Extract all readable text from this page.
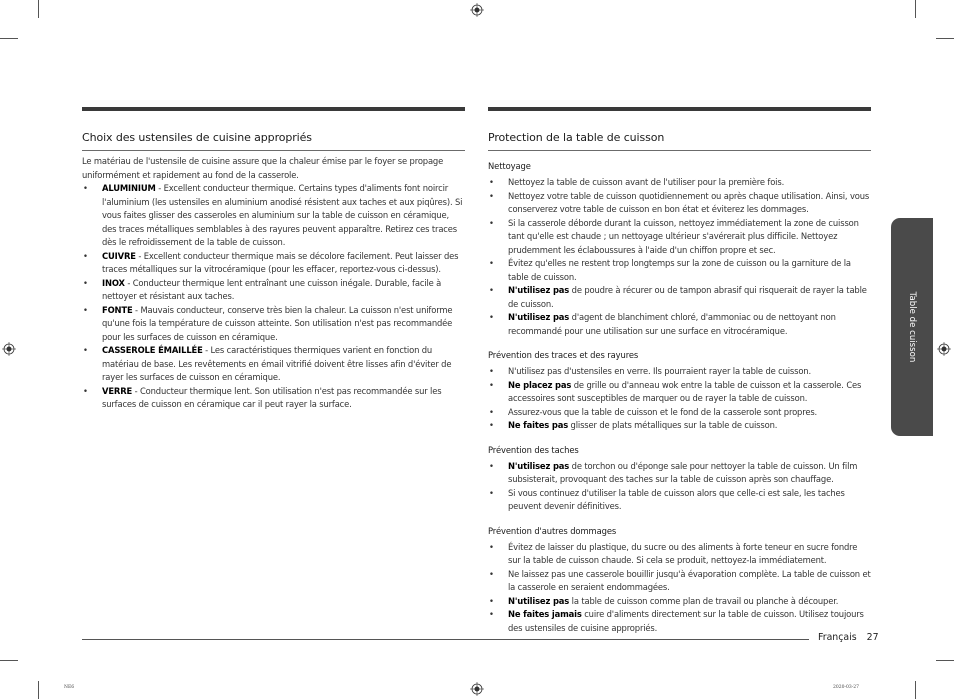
Choix des ustensiles de cuisine appropriés

Le matériau de l'ustensile de cuisine assure que la chaleur émise par le foyer se propage uniformément et rapidement au fond de la casserole.

• ALUMINIUM - Excellent conducteur thermique. Certains types d'aliments font noircir l'aluminium (les ustensiles en aluminium anodisé résistent aux taches et aux piqûres). Si vous faites glisser des casseroles en aluminium sur la table de cuisson en céramique, des traces métalliques semblables à des rayures peuvent apparaître. Retirez ces traces dès le refroidissement de la table de cuisson.
• CUIVRE - Excellent conducteur thermique mais se décolore facilement. Peut laisser des traces métalliques sur la vitrocéramique (pour les effacer, reportez-vous ci-dessus).
• INOX - Conducteur thermique lent entraînant une cuisson inégale. Durable, facile à nettoyer et résistant aux taches.
• FONTE - Mauvais conducteur, conserve très bien la chaleur. La cuisson n'est uniforme qu'une fois la température de cuisson atteinte. Son utilisation n'est pas recommandée pour les surfaces de cuisson en céramique.
• CASSEROLE ÉMAILLÉE - Les caractéristiques thermiques varient en fonction du matériau de base. Les revêtements en émail vitrifié doivent être lisses afin d'éviter de rayer les surfaces de cuisson en céramique.
• VERRE - Conducteur thermique lent. Son utilisation n'est pas recommandée sur les surfaces de cuisson en céramique car il peut rayer la surface.
Protection de la table de cuisson
Nettoyage
• Nettoyez la table de cuisson avant de l'utiliser pour la première fois.
• Nettoyez votre table de cuisson quotidiennement ou après chaque utilisation. Ainsi, vous conserverez votre table de cuisson en bon état et éviterez les dommages.
• Si la casserole déborde durant la cuisson, nettoyez immédiatement la zone de cuisson tant qu'elle est chaude ; un nettoyage ultérieur s'avérerait plus difficile. Nettoyez prudemment les éclaboussures à l'aide d'un chiffon propre et sec.
• Évitez qu'elles ne restent trop longtemps sur la zone de cuisson ou la garniture de la table de cuisson.
• N'utilisez pas de poudre à récurer ou de tampon abrasif qui risquerait de rayer la table de cuisson.
• N'utilisez pas d'agent de blanchiment chloré, d'ammoniac ou de nettoyant non recommandé pour une utilisation sur une surface en vitrocéramique.
Prévention des traces et des rayures
• N'utilisez pas d'ustensiles en verre. Ils pourraient rayer la table de cuisson.
• Ne placez pas de grille ou d'anneau wok entre la table de cuisson et la casserole. Ces accessoires sont susceptibles de marquer ou de rayer la table de cuisson.
• Assurez-vous que la table de cuisson et le fond de la casserole sont propres.
• Ne faites pas glisser de plats métalliques sur la table de cuisson.
Prévention des taches
• N'utilisez pas de torchon ou d'éponge sale pour nettoyer la table de cuisson. Un film subsisterait, provoquant des taches sur la table de cuisson après son chauffage.
• Si vous continuez d'utiliser la table de cuisson alors que celle-ci est sale, les taches peuvent devenir définitives.
Prévention d'autres dommages
• Évitez de laisser du plastique, du sucre ou des aliments à forte teneur en sucre fondre sur la table de cuisson chaude. Si cela se produit, nettoyez-la immédiatement.
• Ne laissez pas une casserole bouillir jusqu'à évaporation complète. La table de cuisson et la casserole en seraient endommagées.
• N'utilisez pas la table de cuisson comme plan de travail ou planche à découper.
• Ne faites jamais cuire d'aliments directement sur la table de cuisson. Utilisez toujours des ustensiles de cuisine appropriés.
Table de cuisson
Français 27
NE6	2020-03-27
